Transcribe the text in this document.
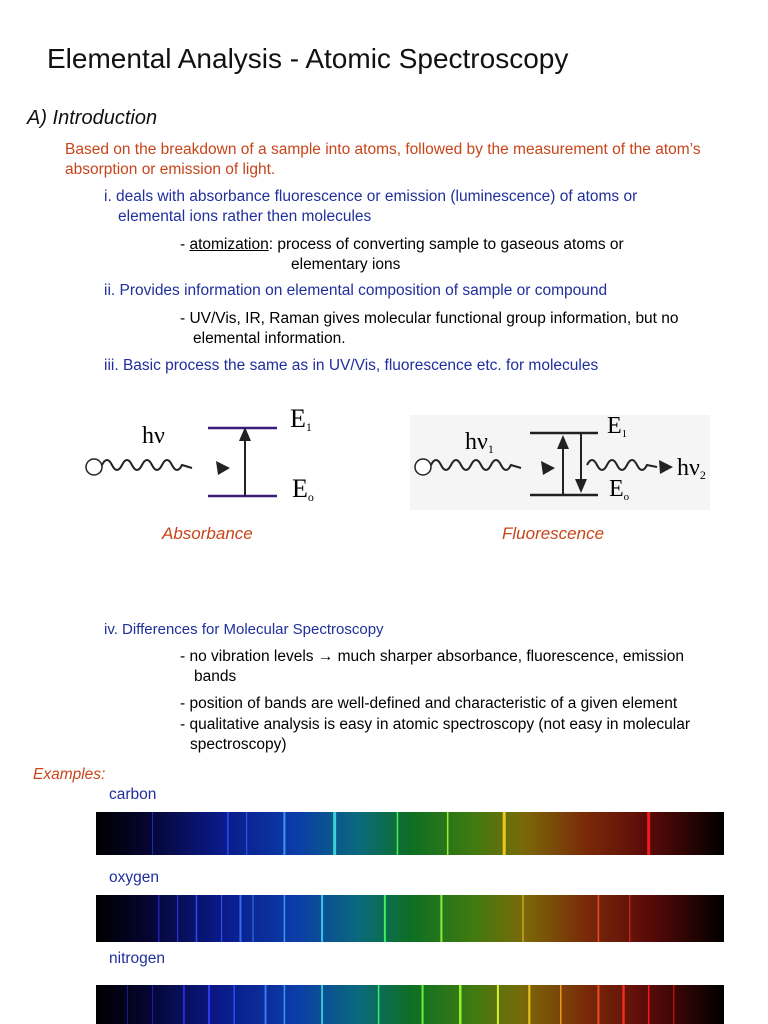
Elemental Analysis - Atomic Spectroscopy
A) Introduction
Based on the breakdown of a sample into atoms, followed by the measurement of the atom’s absorption or emission of light.
i. deals with absorbance fluorescence or emission (luminescence) of atoms or
elemental ions rather then molecules
- atomization: process of converting sample to gaseous atoms or
elementary ions
ii. Provides information on elemental composition of sample or compound
- UV/Vis, IR, Raman gives molecular functional group information, but no
elemental information.
iii. Basic process the same as in UV/Vis, fluorescence etc. for molecules
hν
E1
Eo
Absorbance
hν1
hν2
E1
Eo
Fluorescence
iv. Differences for Molecular Spectroscopy
- no vibration levels → much sharper absorbance, fluorescence, emission
bands
- position of bands are well-defined and characteristic of a given element
- qualitative analysis is easy in atomic spectroscopy (not easy in molecular
spectroscopy)
Examples:
carbon
oxygen
nitrogen
